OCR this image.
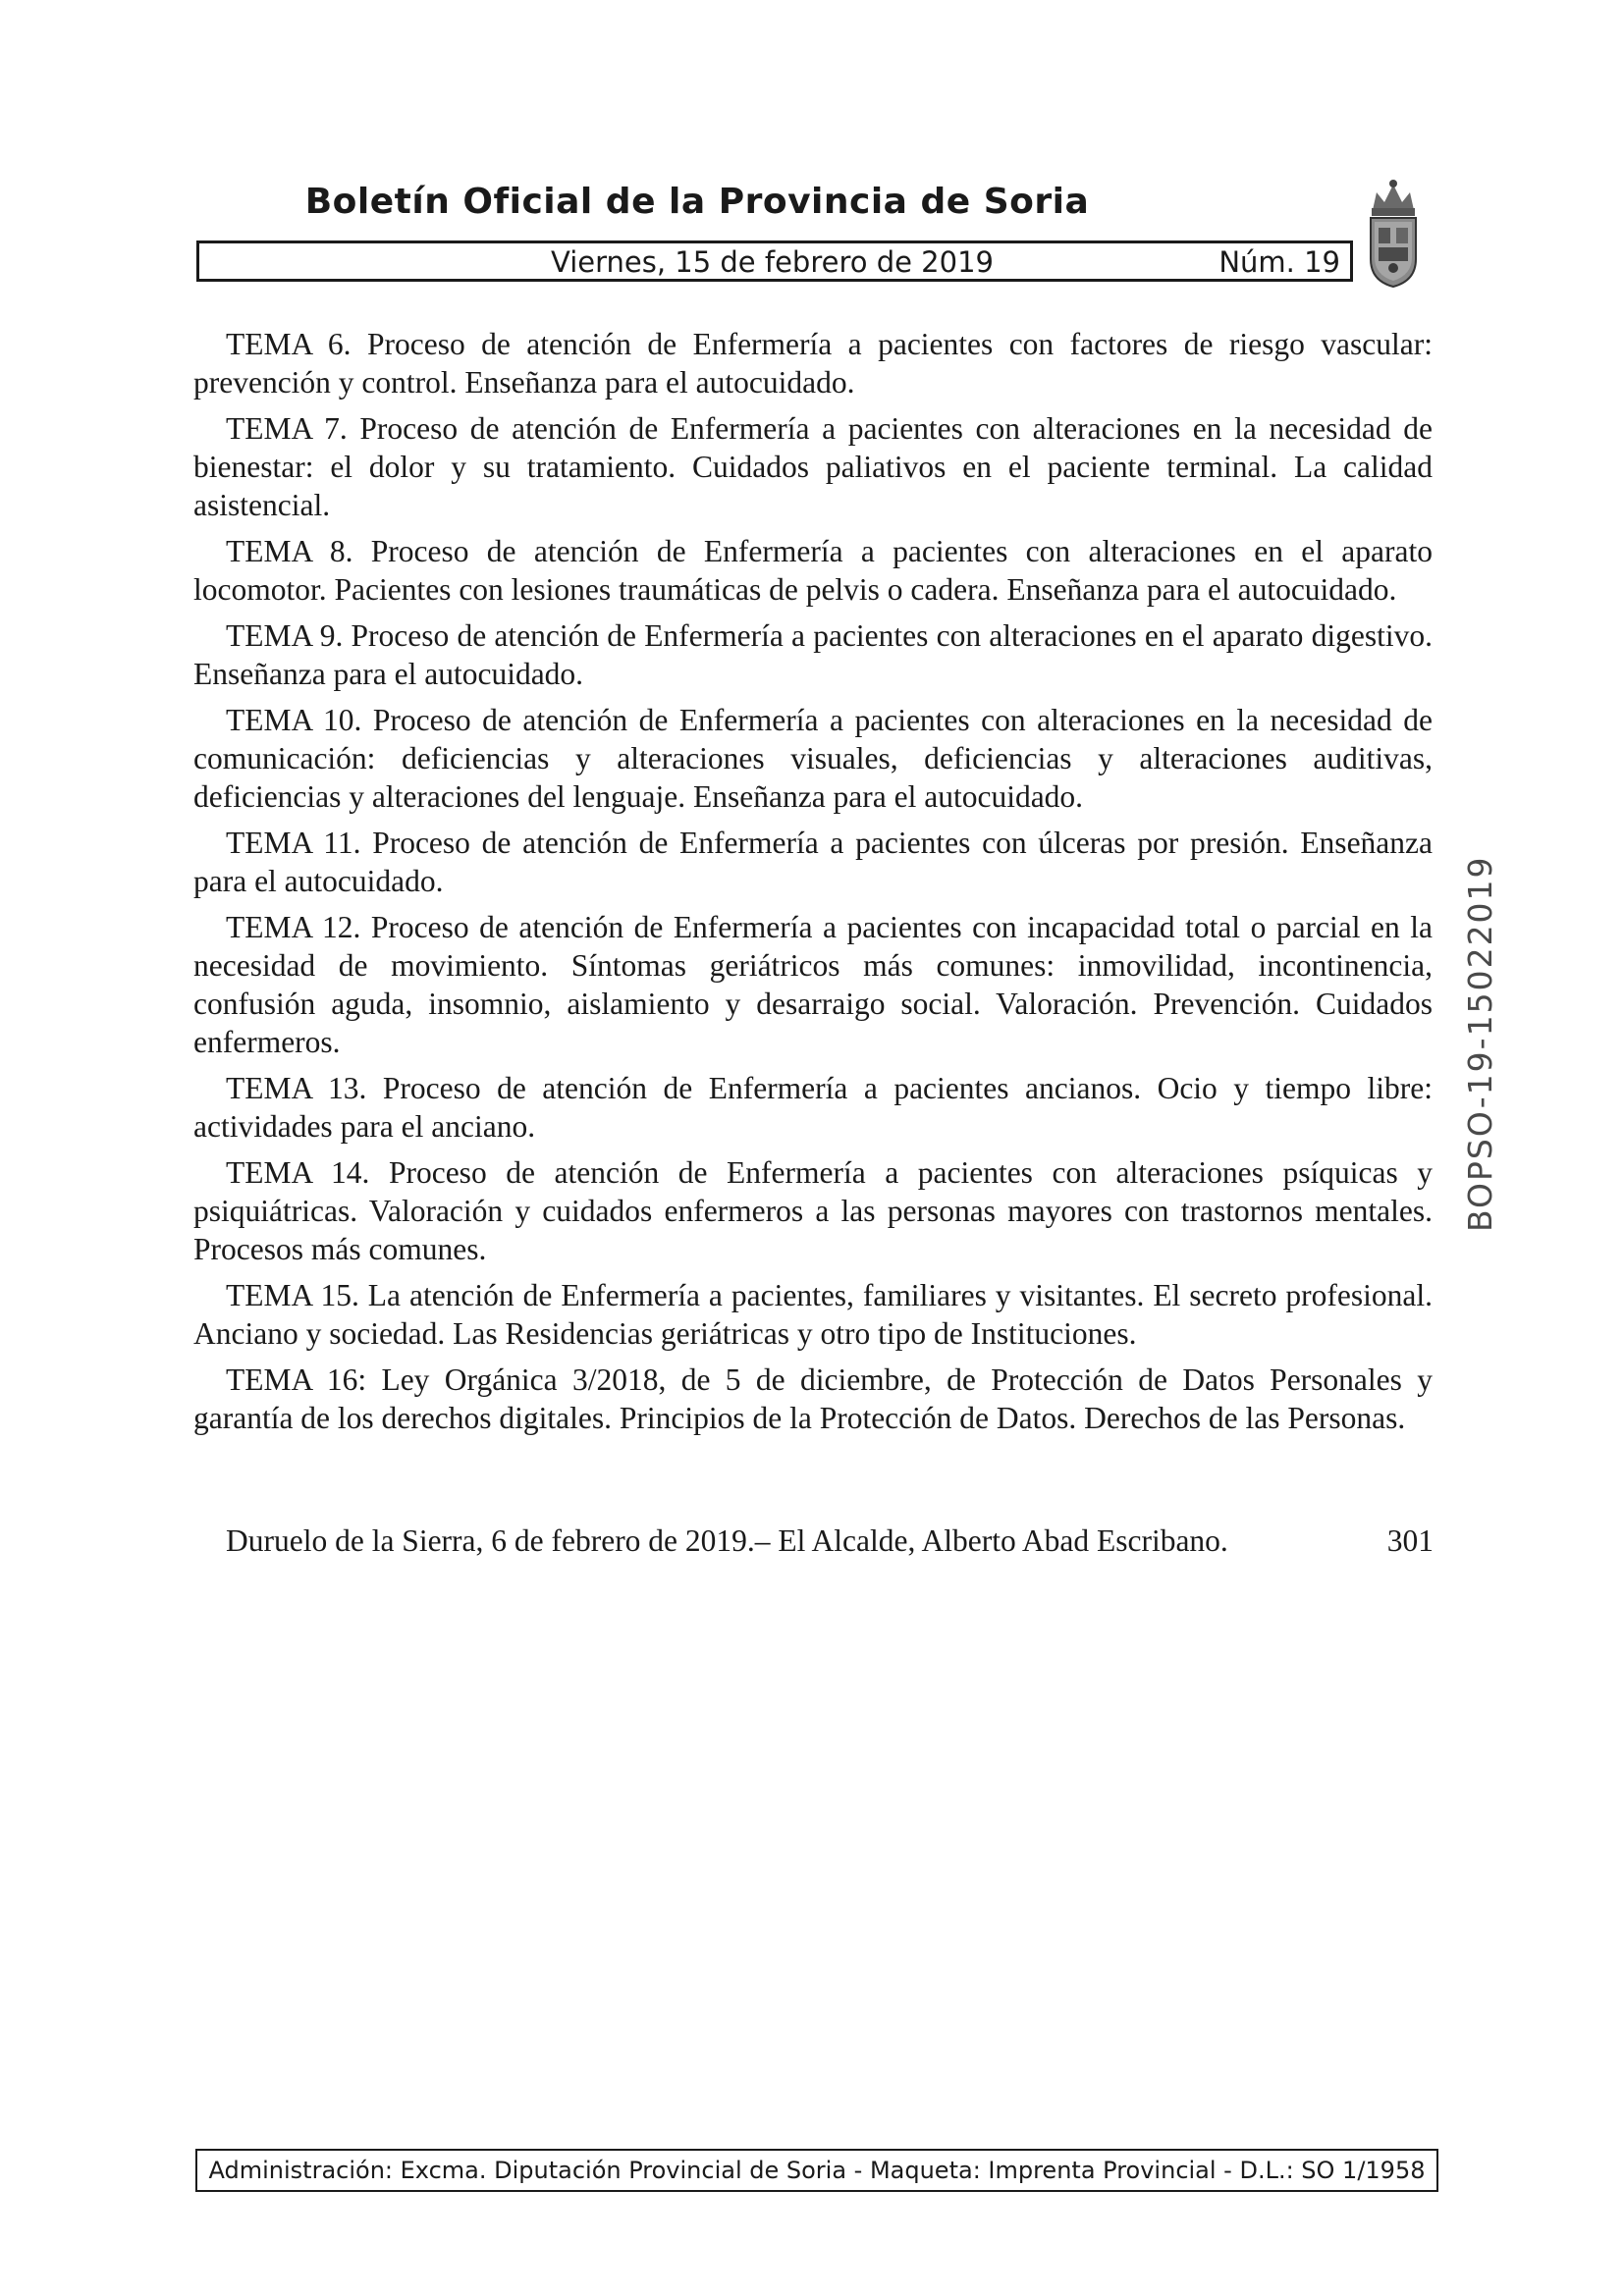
Boletín Oficial de la Provincia de Soria
Viernes, 15 de febrero de 2019	Núm. 19

TEMA 6. Proceso de atención de Enfermería a pacientes con factores de riesgo vascular: prevención y control. Enseñanza para el autocuidado.

TEMA 7. Proceso de atención de Enfermería a pacientes con alteraciones en la necesidad de bienestar: el dolor y su tratamiento. Cuidados paliativos en el paciente terminal. La calidad asistencial.

TEMA 8. Proceso de atención de Enfermería a pacientes con alteraciones en el aparato locomotor. Pacientes con lesiones traumáticas de pelvis o cadera. Enseñanza para el autocuidado.

TEMA 9. Proceso de atención de Enfermería a pacientes con alteraciones en el aparato digestivo. Enseñanza para el autocuidado.

TEMA 10. Proceso de atención de Enfermería a pacientes con alteraciones en la necesidad de comunicación: deficiencias y alteraciones visuales, deficiencias y alteraciones auditivas, deficiencias y alteraciones del lenguaje. Enseñanza para el autocuidado.

TEMA 11. Proceso de atención de Enfermería a pacientes con úlceras por presión. Enseñanza para el autocuidado.

TEMA 12. Proceso de atención de Enfermería a pacientes con incapacidad total o parcial en la necesidad de movimiento. Síntomas geriátricos más comunes: inmovilidad, incontinencia, confusión aguda, insomnio, aislamiento y desarraigo social. Valoración. Prevención. Cuidados enfermeros.

TEMA 13. Proceso de atención de Enfermería a pacientes ancianos. Ocio y tiempo libre: actividades para el anciano.

TEMA 14. Proceso de atención de Enfermería a pacientes con alteraciones psíquicas y psiquiátricas. Valoración y cuidados enfermeros a las personas mayores con trastornos mentales. Procesos más comunes.

TEMA 15. La atención de Enfermería a pacientes, familiares y visitantes. El secreto profesional. Anciano y sociedad. Las Residencias geriátricas y otro tipo de Instituciones.

TEMA 16: Ley Orgánica 3/2018, de 5 de diciembre, de Protección de Datos Personales y garantía de los derechos digitales. Principios de la Protección de Datos. Derechos de las Personas.

Duruelo de la Sierra, 6 de febrero de 2019.– El Alcalde, Alberto Abad Escribano.	301
BOPSO-19-15022019
Administración: Excma. Diputación Provincial de Soria - Maqueta: Imprenta Provincial - D.L.: SO 1/1958
